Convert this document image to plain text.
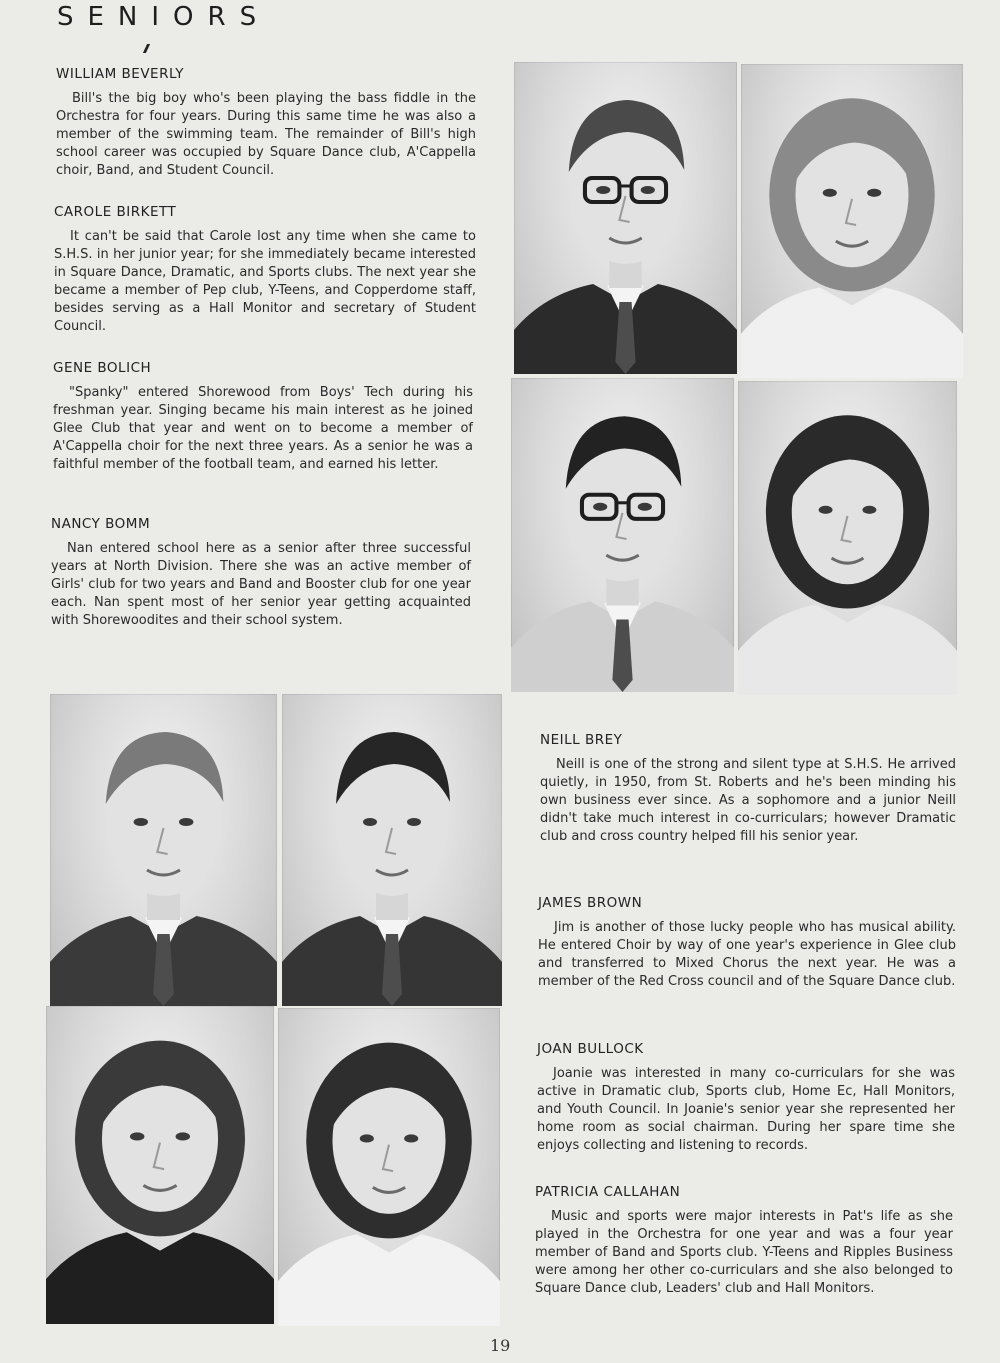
SENIORS
WILLIAM BEVERLY
Bill's the big boy who's been playing the bass fiddle in the Orchestra for four years. During this same time he was also a member of the swimming team. The remainder of Bill's high school career was occupied by Square Dance club, A'Cappella choir, Band, and Student Council.
CAROLE BIRKETT
It can't be said that Carole lost any time when she came to S.H.S. in her junior year; for she immediately became interested in Square Dance, Dramatic, and Sports clubs. The next year she became a member of Pep club, Y-Teens, and Copperdome staff, besides serving as a Hall Monitor and secretary of Student Council.
GENE BOLICH
"Spanky" entered Shorewood from Boys' Tech during his freshman year. Singing became his main interest as he joined Glee Club that year and went on to become a member of A'Cappella choir for the next three years. As a senior he was a faithful member of the football team, and earned his letter.
NANCY BOMM
Nan entered school here as a senior after three successful years at North Division. There she was an active member of Girls' club for two years and Band and Booster club for one year each. Nan spent most of her senior year getting acquainted with Shorewoodites and their school system.
NEILL BREY
Neill is one of the strong and silent type at S.H.S. He arrived quietly, in 1950, from St. Roberts and he's been minding his own business ever since. As a sophomore and a junior Neill didn't take much interest in co-curriculars; however Dramatic club and cross country helped fill his senior year.
JAMES BROWN
Jim is another of those lucky people who has musical ability. He entered Choir by way of one year's experience in Glee club and transferred to Mixed Chorus the next year. He was a member of the Red Cross council and of the Square Dance club.
JOAN BULLOCK
Joanie was interested in many co-curriculars for she was active in Dramatic club, Sports club, Home Ec, Hall Monitors, and Youth Council. In Joanie's senior year she represented her home room as social chairman. During her spare time she enjoys collecting and listening to records.
PATRICIA CALLAHAN
Music and sports were major interests in Pat's life as she played in the Orchestra for one year and was a four year member of Band and Sports club. Y-Teens and Ripples Business were among her other co-curriculars and she also belonged to Square Dance club, Leaders' club and Hall Monitors.
19
